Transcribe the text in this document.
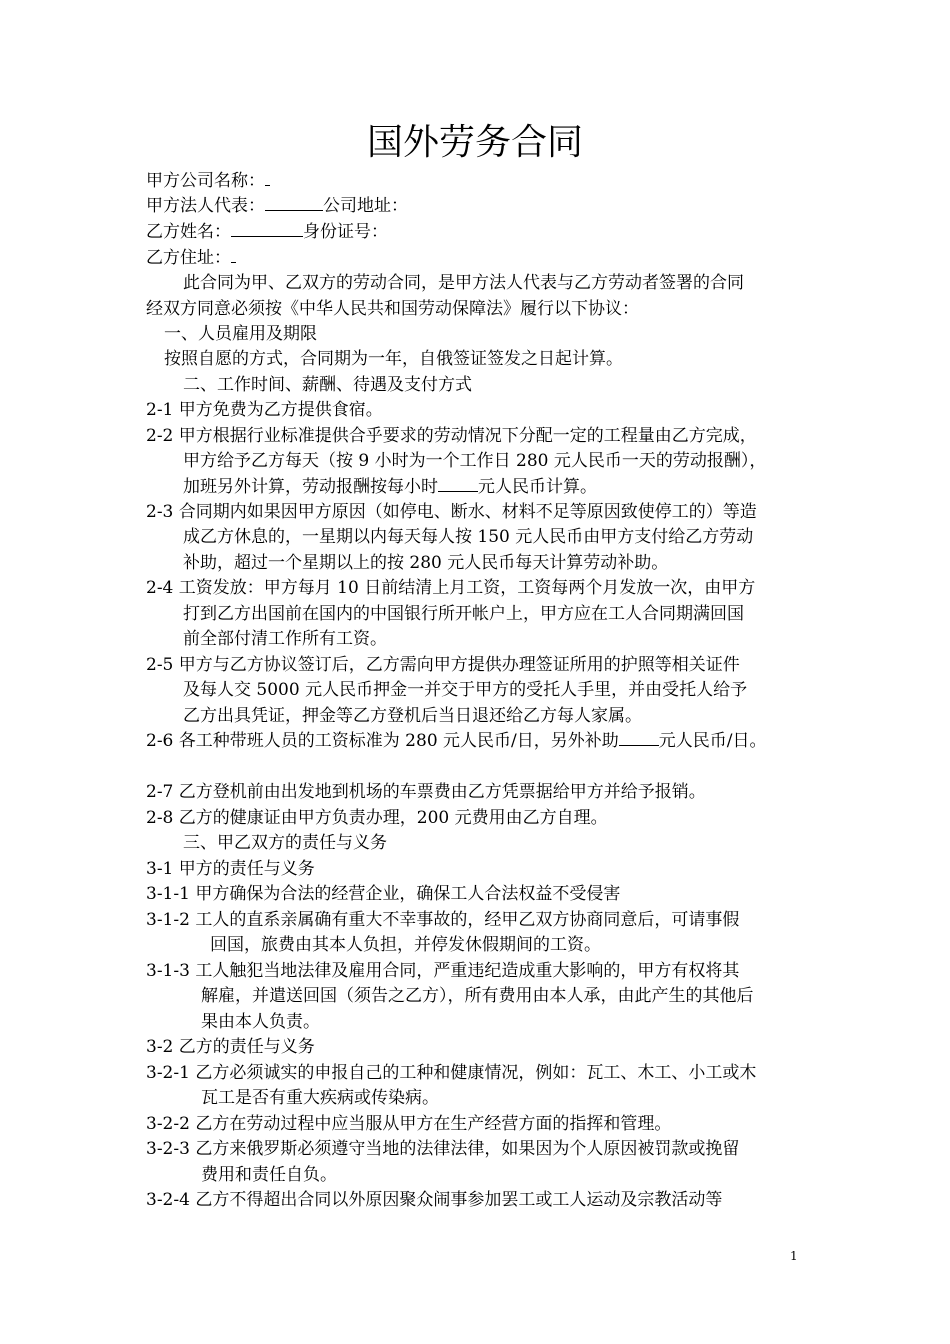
国外劳务合同
甲方公司名称：
甲方法人代表：	公司地址：
乙方姓名：	身份证号：
乙方住址：
此合同为甲、乙双方的劳动合同，是甲方法人代表与乙方劳动者签署的合同
经双方同意必须按《中华人民共和国劳动保障法》履行以下协议：
一、人员雇用及期限
按照自愿的方式，合同期为一年，自俄签证签发之日起计算。
二、工作时间、薪酬、待遇及支付方式
2-1 甲方免费为乙方提供食宿。
2-2 甲方根据行业标准提供合乎要求的劳动情况下分配一定的工程量由乙方完成，
甲方给予乙方每天（按 9 小时为一个工作日 280 元人民币一天的劳动报酬），
加班另外计算，劳动报酬按每小时 元人民币计算。
2-3 合同期内如果因甲方原因（如停电、断水、材料不足等原因致使停工的）等造
成乙方休息的，一星期以内每天每人按 150 元人民币由甲方支付给乙方劳动
补助，超过一个星期以上的按 280 元人民币每天计算劳动补助。
2-4 工资发放：甲方每月 10 日前结清上月工资，工资每两个月发放一次，由甲方
打到乙方出国前在国内的中国银行所开帐户上，甲方应在工人合同期满回国
前全部付清工作所有工资。
2-5 甲方与乙方协议签订后，乙方需向甲方提供办理签证所用的护照等相关证件
及每人交 5000 元人民币押金一并交于甲方的受托人手里，并由受托人给予
乙方出具凭证，押金等乙方登机后当日退还给乙方每人家属。
2-6 各工种带班人员的工资标准为 280 元人民币/日，另外补助 元人民币/日。
2-7 乙方登机前由出发地到机场的车票费由乙方凭票据给甲方并给予报销。
2-8 乙方的健康证由甲方负责办理，200 元费用由乙方自理。
三、甲乙双方的责任与义务
3-1 甲方的责任与义务
3-1-1 甲方确保为合法的经营企业，确保工人合法权益不受侵害
3-1-2 工人的直系亲属确有重大不幸事故的，经甲乙双方协商同意后，可请事假
回国，旅费由其本人负担，并停发休假期间的工资。
3-1-3 工人触犯当地法律及雇用合同，严重违纪造成重大影响的，甲方有权将其
解雇，并遣送回国（须告之乙方），所有费用由本人承，由此产生的其他后
果由本人负责。
3-2 乙方的责任与义务
3-2-1 乙方必须诚实的申报自己的工种和健康情况，例如：瓦工、木工、小工或木
瓦工是否有重大疾病或传染病。
3-2-2 乙方在劳动过程中应当服从甲方在生产经营方面的指挥和管理。
3-2-3 乙方来俄罗斯必须遵守当地的法律法律，如果因为个人原因被罚款或挽留
费用和责任自负。
3-2-4 乙方不得超出合同以外原因聚众闹事参加罢工或工人运动及宗教活动等
1
